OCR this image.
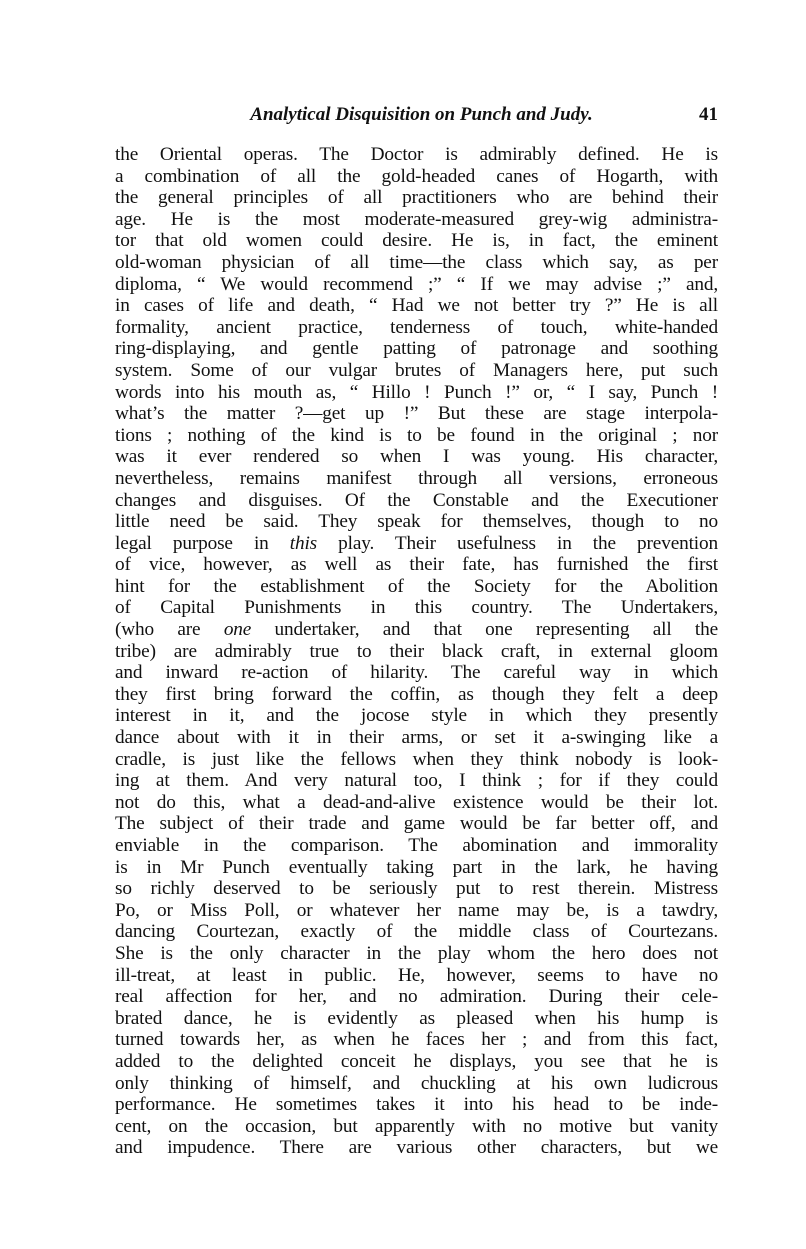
Analytical Disquisition on Punch and Judy.	41
the Oriental operas. The Doctor is admirably defined. He is
a combination of all the gold-headed canes of Hogarth, with
the general principles of all practitioners who are behind their
age. He is the most moderate-measured grey-wig administra-
tor that old women could desire. He is, in fact, the eminent
old-woman physician of all time—the class which say, as per
diploma, “ We would recommend ;” “ If we may advise ;” and,
in cases of life and death, “ Had we not better try ?” He is all
formality, ancient practice, tenderness of touch, white-handed
ring-displaying, and gentle patting of patronage and soothing
system. Some of our vulgar brutes of Managers here, put such
words into his mouth as, “ Hillo ! Punch !” or, “ I say, Punch !
what’s the matter ?—get up !” But these are stage interpola-
tions ; nothing of the kind is to be found in the original ; nor
was it ever rendered so when I was young. His character,
nevertheless, remains manifest through all versions, erroneous
changes and disguises. Of the Constable and the Executioner
little need be said. They speak for themselves, though to no
legal purpose in this play. Their usefulness in the prevention
of vice, however, as well as their fate, has furnished the first
hint for the establishment of the Society for the Abolition
of Capital Punishments in this country. The Undertakers,
(who are one undertaker, and that one representing all the
tribe) are admirably true to their black craft, in external gloom
and inward re-action of hilarity. The careful way in which
they first bring forward the coffin, as though they felt a deep
interest in it, and the jocose style in which they presently
dance about with it in their arms, or set it a-swinging like a
cradle, is just like the fellows when they think nobody is look-
ing at them. And very natural too, I think ; for if they could
not do this, what a dead-and-alive existence would be their lot.
The subject of their trade and game would be far better off, and
enviable in the comparison. The abomination and immorality
is in Mr Punch eventually taking part in the lark, he having
so richly deserved to be seriously put to rest therein. Mistress
Po, or Miss Poll, or whatever her name may be, is a tawdry,
dancing Courtezan, exactly of the middle class of Courtezans.
She is the only character in the play whom the hero does not
ill-treat, at least in public. He, however, seems to have no
real affection for her, and no admiration. During their cele-
brated dance, he is evidently as pleased when his hump is
turned towards her, as when he faces her ; and from this fact,
added to the delighted conceit he displays, you see that he is
only thinking of himself, and chuckling at his own ludicrous
performance. He sometimes takes it into his head to be inde-
cent, on the occasion, but apparently with no motive but vanity
and impudence. There are various other characters, but we
